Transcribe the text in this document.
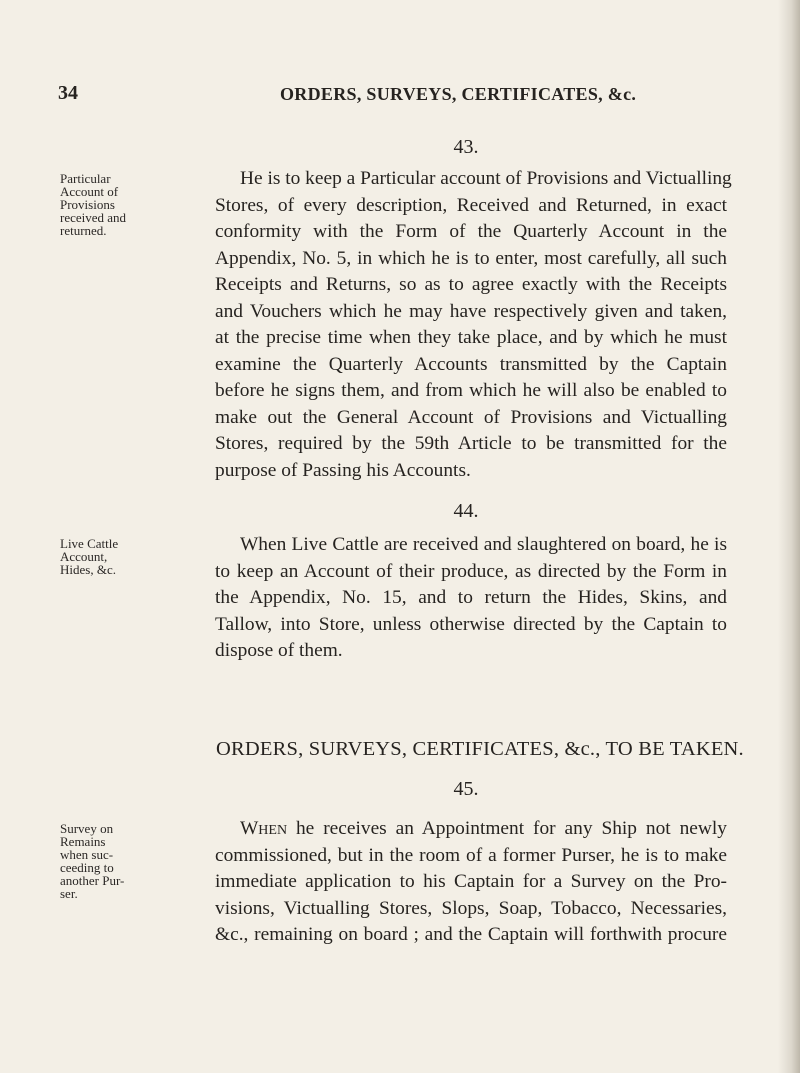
34	ORDERS, SURVEYS, CERTIFICATES, &c.
43.
Particular
Account of
Provisions
received and
returned.
He is to keep a Particular account of Provisions and Victualling
Stores, of every description, Received and Returned, in exact
conformity with the Form of the Quarterly Account in the
Appendix, No. 5, in which he is to enter, most carefully, all such
Receipts and Returns, so as to agree exactly with the Receipts
and Vouchers which he may have respectively given and taken,
at the precise time when they take place, and by which he must
examine the Quarterly Accounts transmitted by the Captain
before he signs them, and from which he will also be enabled to
make out the General Account of Provisions and Victualling
Stores, required by the 59th Article to be transmitted for the
purpose of Passing his Accounts.
44.
Live Cattle
Account,
Hides, &c.
When Live Cattle are received and slaughtered on board, he is
to keep an Account of their produce, as directed by the Form in
the Appendix, No. 15, and to return the Hides, Skins, and
Tallow, into Store, unless otherwise directed by the Captain to
dispose of them.
ORDERS, SURVEYS, CERTIFICATES, &c., TO BE TAKEN.
45.
Survey on
Remains
when suc-
ceeding to
another Pur-
ser.
When he receives an Appointment for any Ship not newly
commissioned, but in the room of a former Purser, he is to make
immediate application to his Captain for a Survey on the Pro-
visions, Victualling Stores, Slops, Soap, Tobacco, Necessaries,
&c., remaining on board ; and the Captain will forthwith procure
